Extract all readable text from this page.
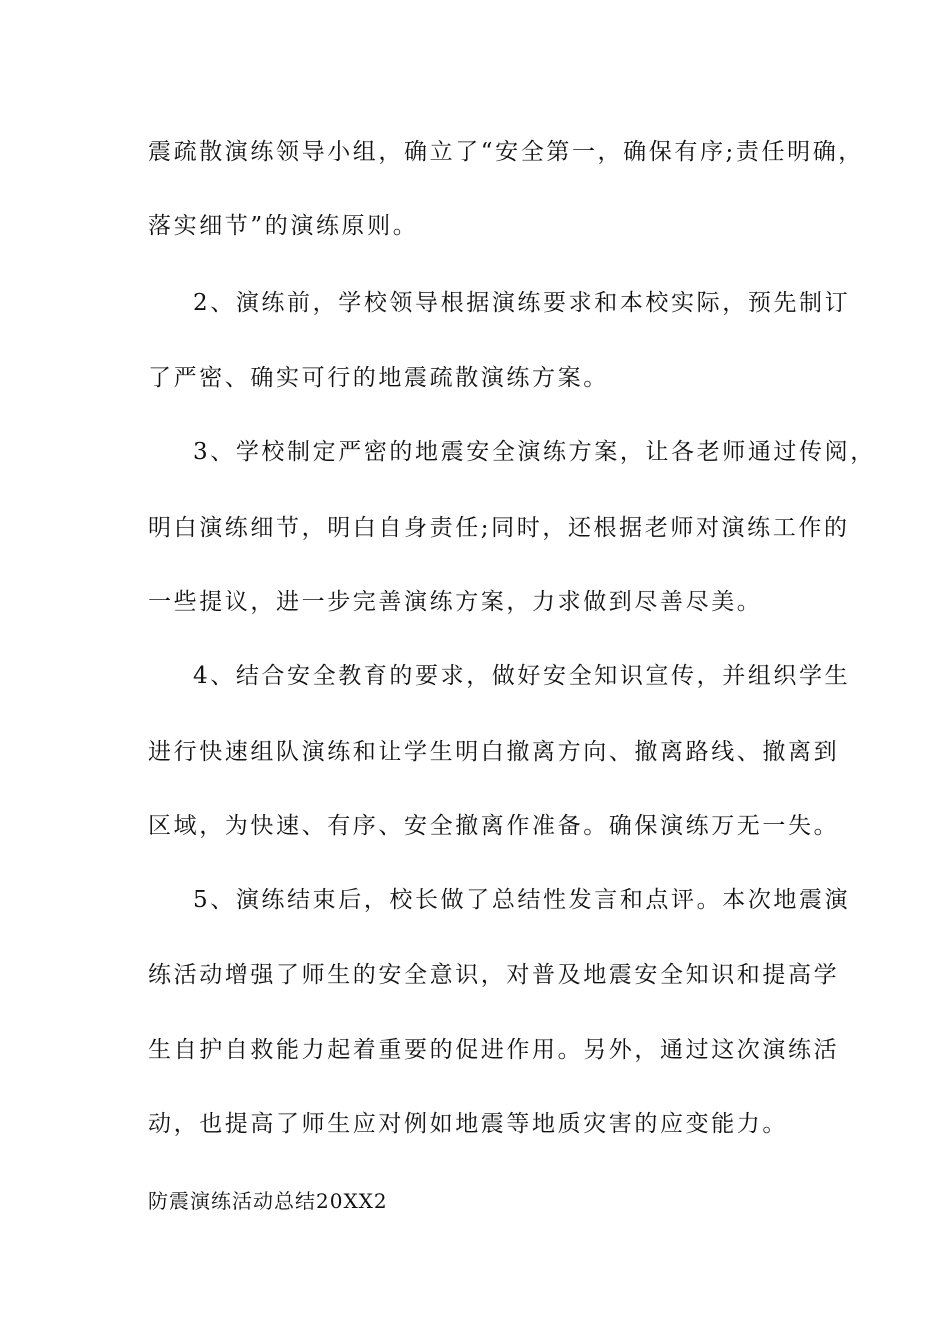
震疏散演练领导小组，确立了“安全第一，确保有序;责任明确，
落实细节”的演练原则。
2、演练前，学校领导根据演练要求和本校实际，预先制订
了严密、确实可行的地震疏散演练方案。
3、学校制定严密的地震安全演练方案，让各老师通过传阅，
明白演练细节，明白自身责任;同时，还根据老师对演练工作的
一些提议，进一步完善演练方案，力求做到尽善尽美。
4、结合安全教育的要求，做好安全知识宣传，并组织学生
进行快速组队演练和让学生明白撤离方向、撤离路线、撤离到
区域，为快速、有序、安全撤离作准备。确保演练万无一失。
5、演练结束后，校长做了总结性发言和点评。本次地震演
练活动增强了师生的安全意识，对普及地震安全知识和提高学
生自护自救能力起着重要的促进作用。另外，通过这次演练活
动，也提高了师生应对例如地震等地质灾害的应变能力。
防震演练活动总结20XX2
